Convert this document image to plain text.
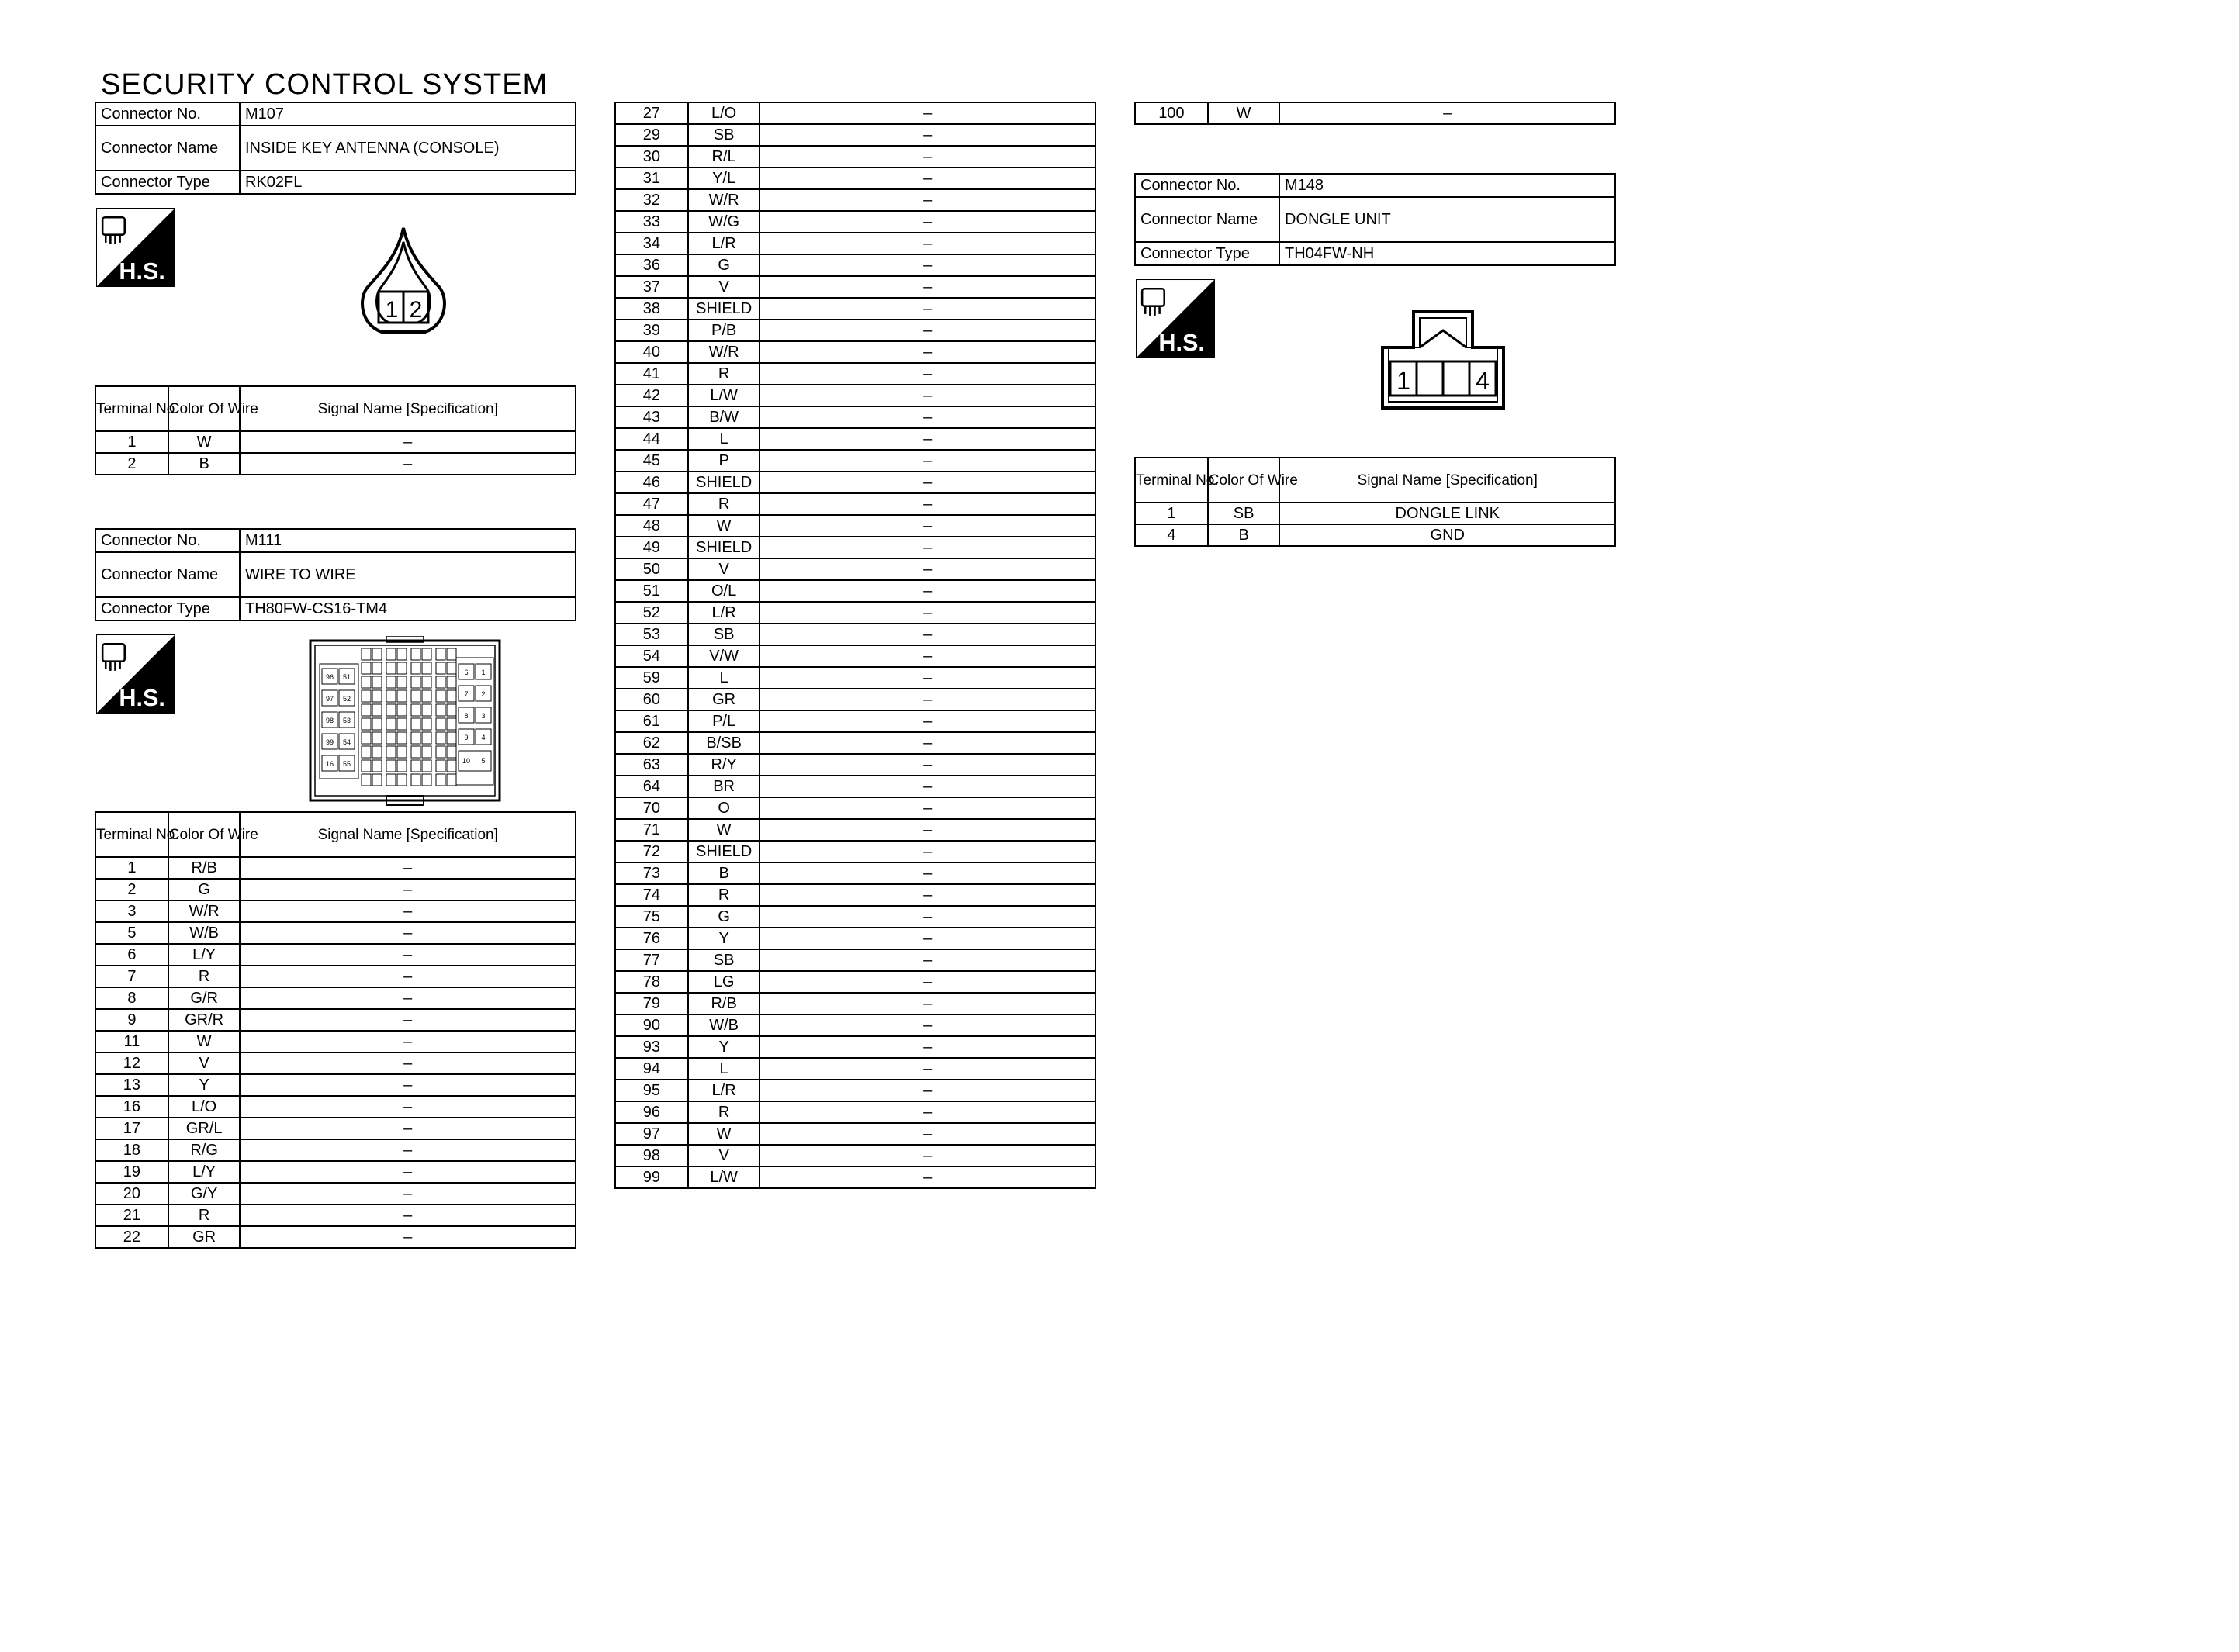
SECURITY CONTROL SYSTEM
Connector No.	M107
Connector Name	INSIDE KEY ANTENNA (CONSOLE)
Connector Type	RK02FL
H.S.
1 2
Terminal No.	Color Of Wire	Signal Name [Specification]
1	W	–
2	B	–
Connector No.	M111
Connector Name	WIRE TO WIRE
Connector Type	TH80FW-CS16-TM4
H.S.
96 51
97 52
98 53
99 54
16 55
6 1
7 2
8 3
9 4
10 5
Terminal No.	Color Of Wire	Signal Name [Specification]
1	R/B	–
2	G	–
3	W/R	–
5	W/B	–
6	L/Y	–
7	R	–
8	G/R	–
9	GR/R	–
11	W	–
12	V	–
13	Y	–
16	L/O	–
17	GR/L	–
18	R/G	–
19	L/Y	–
20	G/Y	–
21	R	–
22	GR	–
27	L/O	–
29	SB	–
30	R/L	–
31	Y/L	–
32	W/R	–
33	W/G	–
34	L/R	–
36	G	–
37	V	–
38	SHIELD	–
39	P/B	–
40	W/R	–
41	R	–
42	L/W	–
43	B/W	–
44	L	–
45	P	–
46	SHIELD	–
47	R	–
48	W	–
49	SHIELD	–
50	V	–
51	O/L	–
52	L/R	–
53	SB	–
54	V/W	–
59	L	–
60	GR	–
61	P/L	–
62	B/SB	–
63	R/Y	–
64	BR	–
70	O	–
71	W	–
72	SHIELD	–
73	B	–
74	R	–
75	G	–
76	Y	–
77	SB	–
78	LG	–
79	R/B	–
90	W/B	–
93	Y	–
94	L	–
95	L/R	–
96	R	–
97	W	–
98	V	–
99	L/W	–
100	W	–
Connector No.	M148
Connector Name	DONGLE UNIT
Connector Type	TH04FW-NH
H.S.
1	4
Terminal No.	Color Of Wire	Signal Name [Specification]
1	SB	DONGLE LINK
4	B	GND
